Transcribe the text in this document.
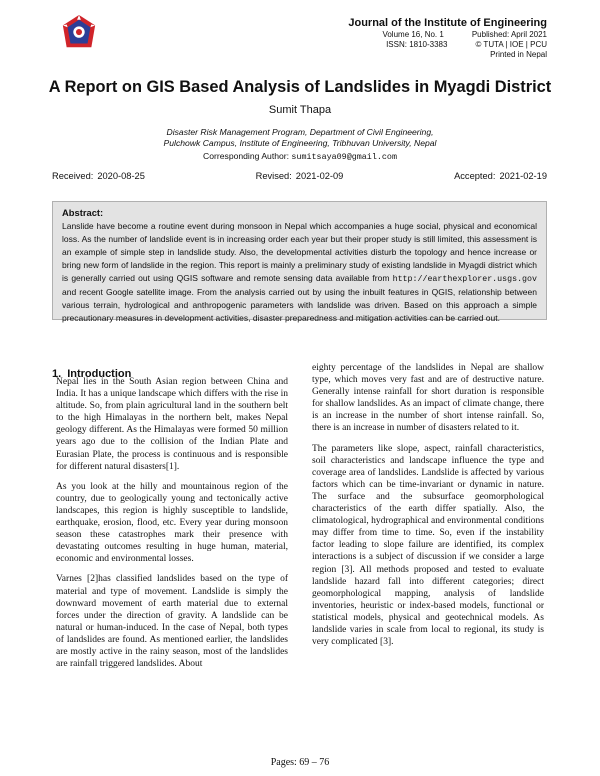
Journal of the Institute of Engineering
Volume 16, No. 1	Published: April 2021
ISSN: 1810-3383	© TUTA | IOE | PCU
Printed in Nepal
A Report on GIS Based Analysis of Landslides in Myagdi District
Sumit Thapa
Disaster Risk Management Program, Department of Civil Engineering,
Pulchowk Campus, Institute of Engineering, Tribhuvan University, Nepal
Corresponding Author: sumitsaya09@gmail.com
Received: 2020-08-25	Revised: 2021-02-09	Accepted: 2021-02-19
Abstract:
Lanslide have become a routine event during monsoon in Nepal which accompanies a huge social, physical and economical loss. As the number of landslide event is in increasing order each year but their proper study is still limited, this assessment is an example of simple step in landslide study. Also, the developmental activities disturb the topology and hence increase or bring new form of landslide in the region. This report is mainly a preliminary study of existing landslide in Myagdi district which is generally carried out using QGIS software and remote sensing data available from http://earthexplorer.usgs.gov and recent Google satellite image. From the analysis carried out by using the inbuilt features in QGIS, relationship between various terrain, hydrological and anthropogenic parameters with landslide was driven. Based on this approach a simple precautionary measures in development activities, disaster preparedness and mitigation activities can be carried out.
1. Introduction

Nepal lies in the South Asian region between China and India. It has a unique landscape which differs with the rise in altitude. So, from plain agricultural land in the southern belt to the high Himalayas in the northern belt, makes Nepal geology different. As the Himalayas were formed 50 million years ago due to the collision of the Indian Plate and Eurasian Plate, the process is continuous and is responsible for different natural disasters[1].

As you look at the hilly and mountainous region of the country, due to geologically young and tectonically active landscapes, this region is highly susceptible to landslide, earthquake, erosion, flood, etc. Every year during monsoon season these catastrophes mark their presence with devastating outcomes resulting in huge human, material, economic and environmental losses.

Varnes [2]has classified landslides based on the type of material and type of movement. Landslide is simply the downward movement of earth material due to external forces under the direction of gravity. A landslide can be natural or human-induced. In the case of Nepal, both types of landslides are found. As mentioned earlier, the landslides are mostly active in the rainy season, most of the landslides are rainfall triggered landslides. About

eighty percentage of the landslides in Nepal are shallow type, which moves very fast and are of destructive nature. Generally intense rainfall for short duration is responsible for shallow landslides. As an impact of climate change, there is an increase in the number of short intense rainfall. So, there is an increase in number of disasters related to it.

The parameters like slope, aspect, rainfall characteristics, soil characteristics and landscape influence the type and coverage area of landslides. Landslide is affected by various factors which can be time-invariant or dynamic in nature. The surface and the subsurface geomorphological characteristics of the earth differ spatially. Also, the climatological, hydrographical and environmental conditions may differ from time to time. So, even if the instability factor leading to slope failure are identified, its complex interactions is a subject of discussion if we consider a large region [3]. All methods proposed and tested to evaluate landslide hazard fall into different categories; direct geomorphological mapping, analysis of landslide inventories, heuristic or index-based models, functional or statistical models, physical and geotechnical models. As landslide varies in scale from local to regional, its study is very complicated [3].

Pages: 69 – 76
